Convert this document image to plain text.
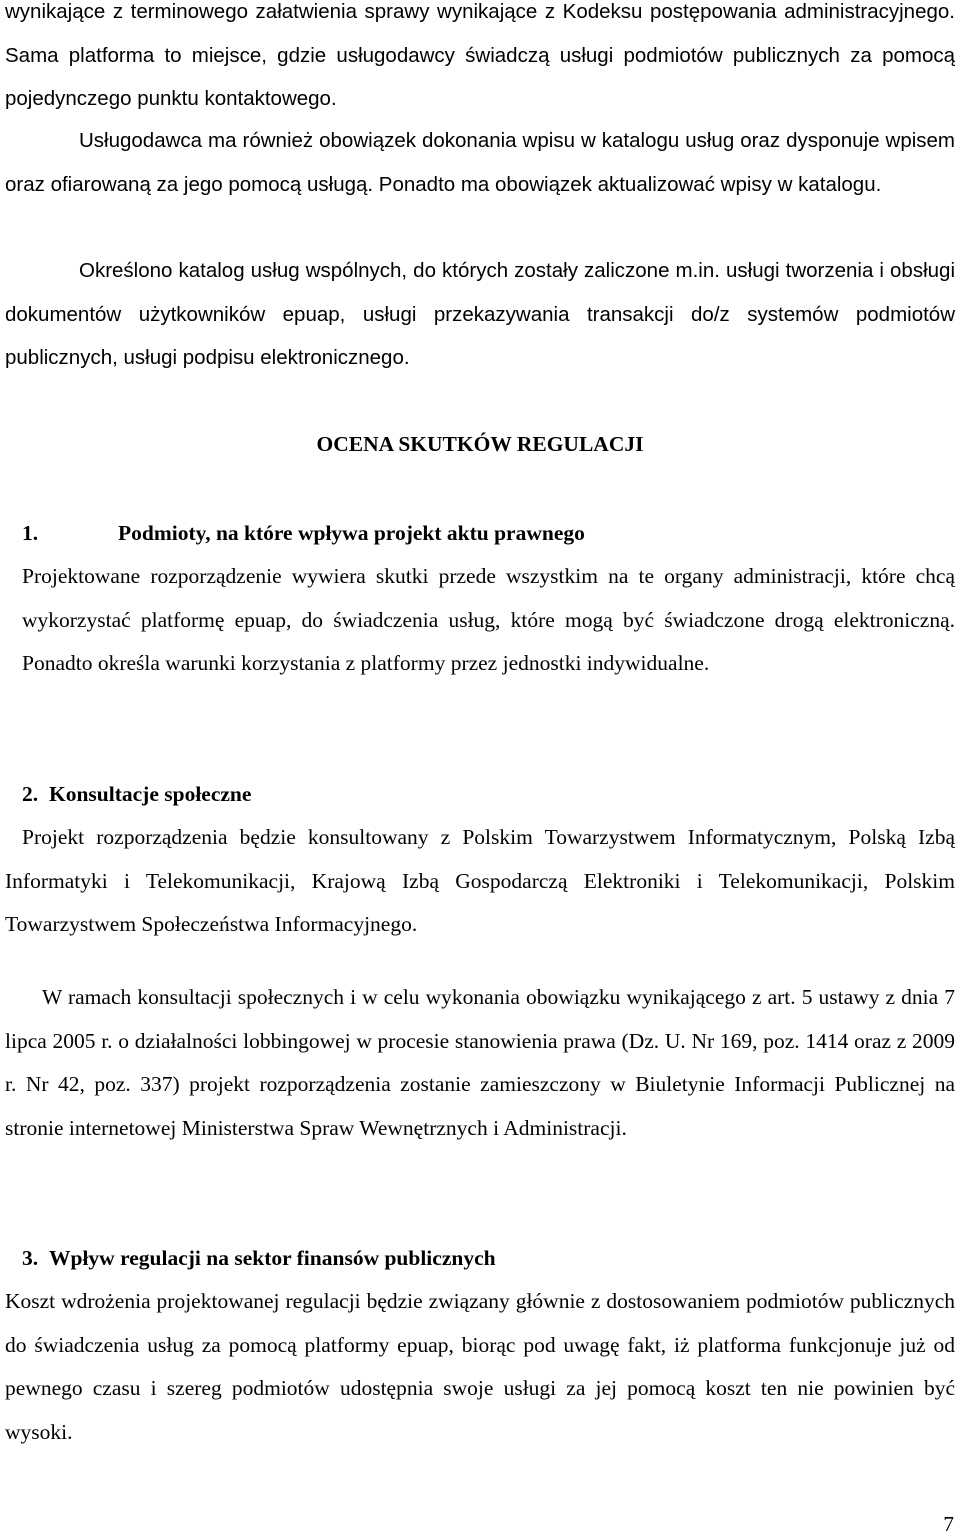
wynikające z terminowego załatwienia sprawy wynikające z Kodeksu postępowania administracyjnego. Sama platforma to miejsce, gdzie usługodawcy świadczą usługi podmiotów publicznych za pomocą pojedynczego punktu kontaktowego.

Usługodawca ma również obowiązek dokonania wpisu w katalogu usług oraz dysponuje wpisem oraz ofiarowaną za jego pomocą usługą. Ponadto ma obowiązek aktualizować wpisy w katalogu.

Określono katalog usług wspólnych, do których zostały zaliczone m.in. usługi tworzenia i obsługi dokumentów użytkowników epuap, usługi przekazywania transakcji do/z systemów podmiotów publicznych, usługi podpisu elektronicznego.

OCENA SKUTKÓW REGULACJI
1.	Podmioty, na które wpływa projekt aktu prawnego

Projektowane rozporządzenie wywiera skutki przede wszystkim na te organy administracji, które chcą wykorzystać platformę epuap, do świadczenia usług, które mogą być świadczone drogą elektroniczną. Ponadto określa warunki korzystania z platformy przez jednostki indywidualne.

2. Konsultacje społeczne

Projekt rozporządzenia będzie konsultowany z Polskim Towarzystwem Informatycznym, Polską Izbą Informatyki i Telekomunikacji, Krajową Izbą Gospodarczą Elektroniki i Telekomunikacji, Polskim Towarzystwem Społeczeństwa Informacyjnego.

W ramach konsultacji społecznych i w celu wykonania obowiązku wynikającego z art. 5 ustawy z dnia 7 lipca 2005 r. o działalności lobbingowej w procesie stanowienia prawa (Dz. U. Nr 169, poz. 1414 oraz z 2009 r. Nr 42, poz. 337) projekt rozporządzenia zostanie zamieszczony w Biuletynie Informacji Publicznej na stronie internetowej Ministerstwa Spraw Wewnętrznych i Administracji.

3. Wpływ regulacji na sektor finansów publicznych

Koszt wdrożenia projektowanej regulacji będzie związany głównie z dostosowaniem podmiotów publicznych do świadczenia usług za pomocą platformy epuap, biorąc pod uwagę fakt, iż platforma funkcjonuje już od pewnego czasu i szereg podmiotów udostępnia swoje usługi za jej pomocą koszt ten nie powinien być wysoki.

7
